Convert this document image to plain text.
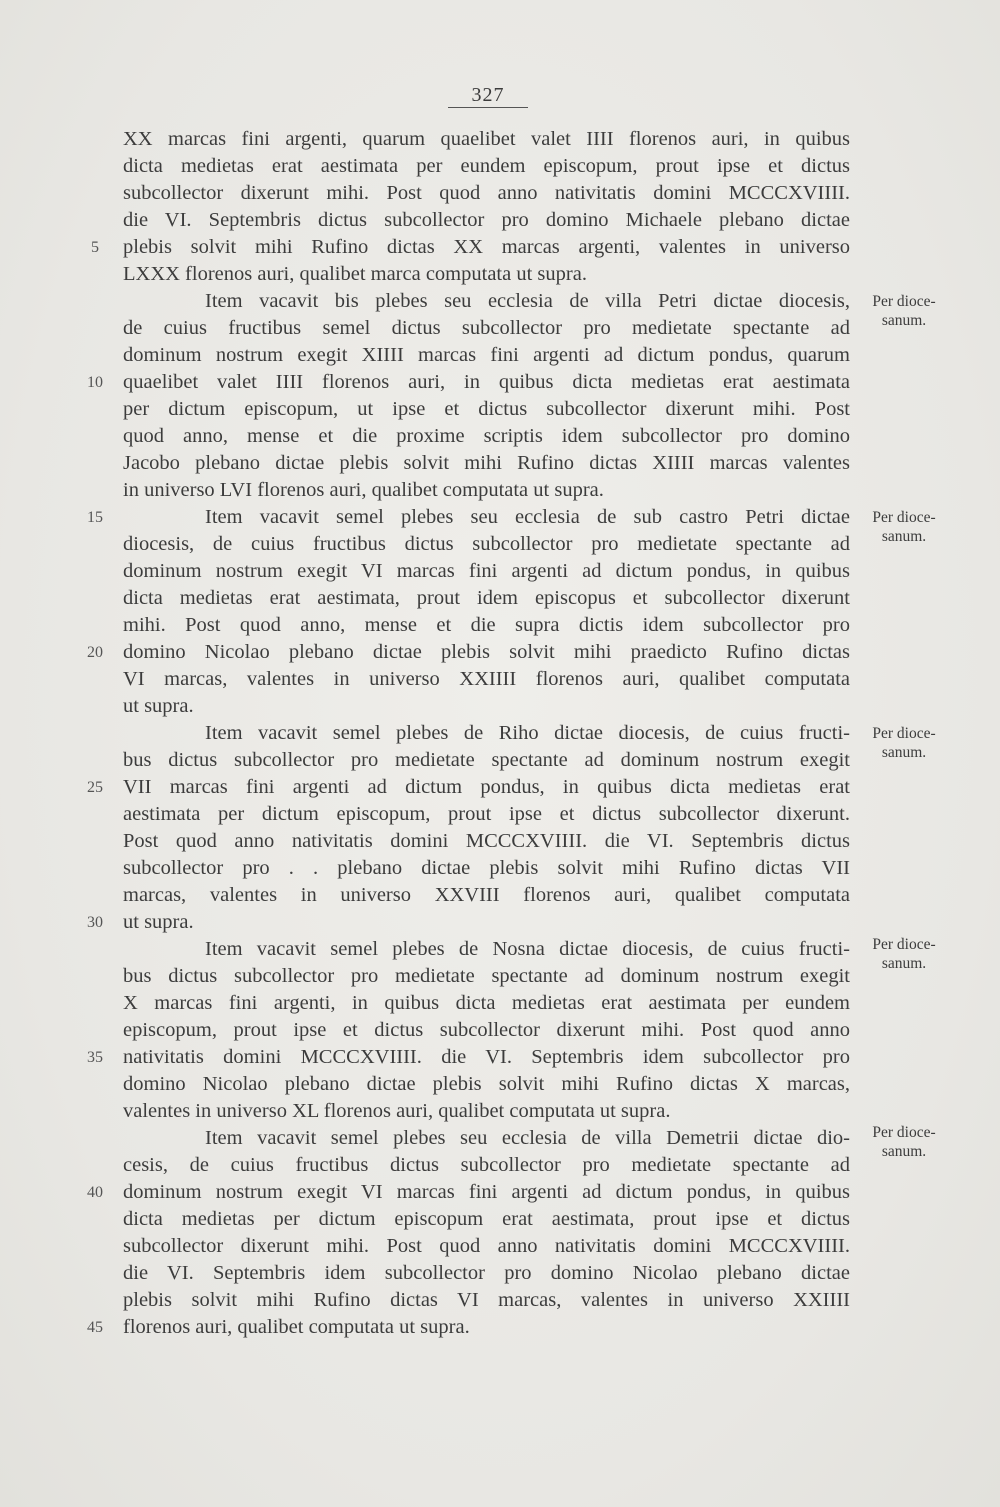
327
XX marcas fini argenti, quarum quaelibet valet IIII florenos auri, in quibus
dicta medietas erat aestimata per eundem episcopum, prout ipse et dictus
subcollector dixerunt mihi. Post quod anno nativitatis domini MCCCXVIIII.
die VI. Septembris dictus subcollector pro domino Michaele plebano dictae
plebis solvit mihi Rufino dictas XX marcas argenti, valentes in universo
LXXX florenos auri, qualibet marca computata ut supra.
Item vacavit bis plebes seu ecclesia de villa Petri dictae diocesis,
de cuius fructibus semel dictus subcollector pro medietate spectante ad
dominum nostrum exegit XIIII marcas fini argenti ad dictum pondus, quarum
quaelibet valet IIII florenos auri, in quibus dicta medietas erat aestimata
per dictum episcopum, ut ipse et dictus subcollector dixerunt mihi. Post
quod anno, mense et die proxime scriptis idem subcollector pro domino
Jacobo plebano dictae plebis solvit mihi Rufino dictas XIIII marcas valentes
in universo LVI florenos auri, qualibet computata ut supra.
Item vacavit semel plebes seu ecclesia de sub castro Petri dictae
diocesis, de cuius fructibus dictus subcollector pro medietate spectante ad
dominum nostrum exegit VI marcas fini argenti ad dictum pondus, in quibus
dicta medietas erat aestimata, prout idem episcopus et subcollector dixerunt
mihi. Post quod anno, mense et die supra dictis idem subcollector pro
domino Nicolao plebano dictae plebis solvit mihi praedicto Rufino dictas
VI marcas, valentes in universo XXIIII florenos auri, qualibet computata
ut supra.
Item vacavit semel plebes de Riho dictae diocesis, de cuius fructi-
bus dictus subcollector pro medietate spectante ad dominum nostrum exegit
VII marcas fini argenti ad dictum pondus, in quibus dicta medietas erat
aestimata per dictum episcopum, prout ipse et dictus subcollector dixerunt.
Post quod anno nativitatis domini MCCCXVIIII. die VI. Septembris dictus
subcollector pro . . plebano dictae plebis solvit mihi Rufino dictas VII
marcas, valentes in universo XXVIII florenos auri, qualibet computata
ut supra.
Item vacavit semel plebes de Nosna dictae diocesis, de cuius fructi-
bus dictus subcollector pro medietate spectante ad dominum nostrum exegit
X marcas fini argenti, in quibus dicta medietas erat aestimata per eundem
episcopum, prout ipse et dictus subcollector dixerunt mihi. Post quod anno
nativitatis domini MCCCXVIIII. die VI. Septembris idem subcollector pro
domino Nicolao plebano dictae plebis solvit mihi Rufino dictas X marcas,
valentes in universo XL florenos auri, qualibet computata ut supra.
Item vacavit semel plebes seu ecclesia de villa Demetrii dictae dio-
cesis, de cuius fructibus dictus subcollector pro medietate spectante ad
dominum nostrum exegit VI marcas fini argenti ad dictum pondus, in quibus
dicta medietas per dictum episcopum erat aestimata, prout ipse et dictus
subcollector dixerunt mihi. Post quod anno nativitatis domini MCCCXVIIII.
die VI. Septembris idem subcollector pro domino Nicolao plebano dictae
plebis solvit mihi Rufino dictas VI marcas, valentes in universo XXIIII
florenos auri, qualibet computata ut supra.
5
10
15
20
25
30
35
40
45
Per dioce-
sanum.
Per dioce-
sanum.
Per dioce-
sanum.
Per dioce-
sanum.
Per dioce-
sanum.
